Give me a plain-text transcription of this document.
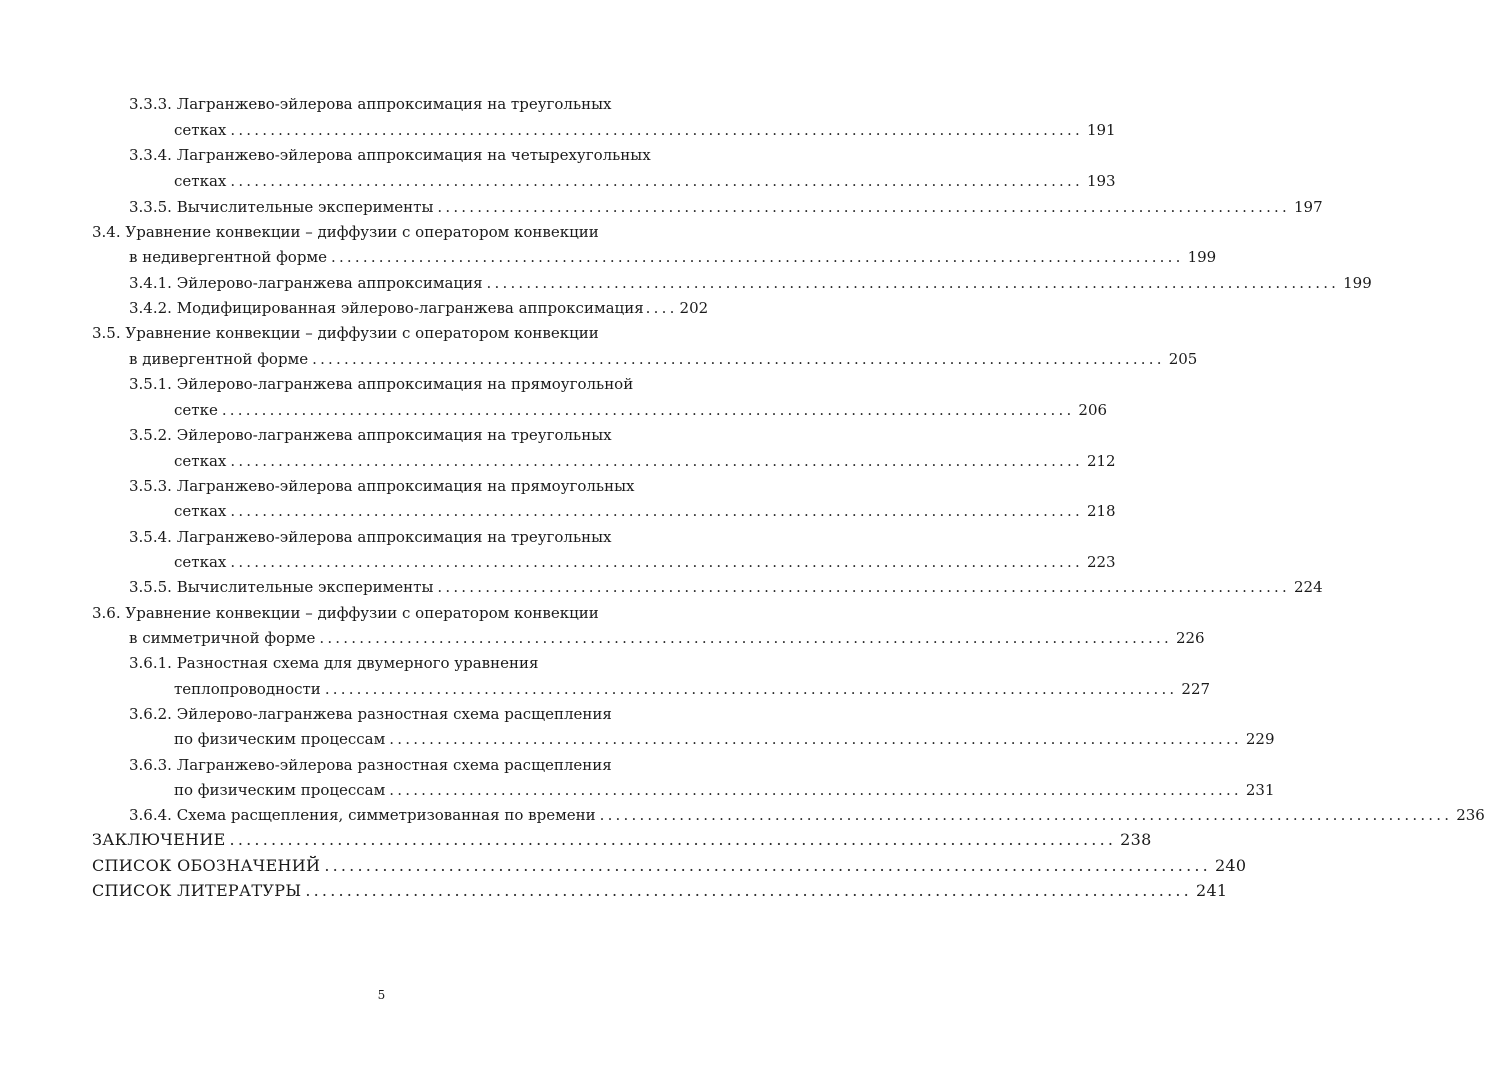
3.3.3. Лагранжево-эйлерова аппроксимация на треугольных
сетках ........................................................................................................... 191
3.3.4. Лагранжево-эйлерова аппроксимация на четырехугольных
сетках ........................................................................................................... 193
3.3.5. Вычислительные эксперименты ........................................................................................................... 197
3.4. Уравнение конвекции – диффузии с оператором конвекции
в недивергентной форме ........................................................................................................... 199
3.4.1. Эйлерово-лагранжева аппроксимация ........................................................................................................... 199
3.4.2. Модифицированная эйлерово-лагранжева аппроксимация .... 202
3.5. Уравнение конвекции – диффузии с оператором конвекции
в дивергентной форме ........................................................................................................... 205
3.5.1. Эйлерово-лагранжева аппроксимация на прямоугольной
сетке ........................................................................................................... 206
3.5.2. Эйлерово-лагранжева аппроксимация на треугольных
сетках ........................................................................................................... 212
3.5.3. Лагранжево-эйлерова аппроксимация на прямоугольных
сетках ........................................................................................................... 218
3.5.4. Лагранжево-эйлерова аппроксимация на треугольных
сетках ........................................................................................................... 223
3.5.5. Вычислительные эксперименты ........................................................................................................... 224
3.6. Уравнение конвекции – диффузии с оператором конвекции
в симметричной форме ........................................................................................................... 226
3.6.1. Разностная схема для двумерного уравнения
теплопроводности ........................................................................................................... 227
3.6.2. Эйлерово-лагранжева разностная схема расщепления
по физическим процессам ........................................................................................................... 229
3.6.3. Лагранжево-эйлерова разностная схема расщепления
по физическим процессам ........................................................................................................... 231
3.6.4. Схема расщепления, симметризованная по времени ........................................................................................................... 236
ЗАКЛЮЧЕНИЕ ........................................................................................................... 238
СПИСОК ОБОЗНАЧЕНИЙ ........................................................................................................... 240
СПИСОК ЛИТЕРАТУРЫ ........................................................................................................... 241
5
